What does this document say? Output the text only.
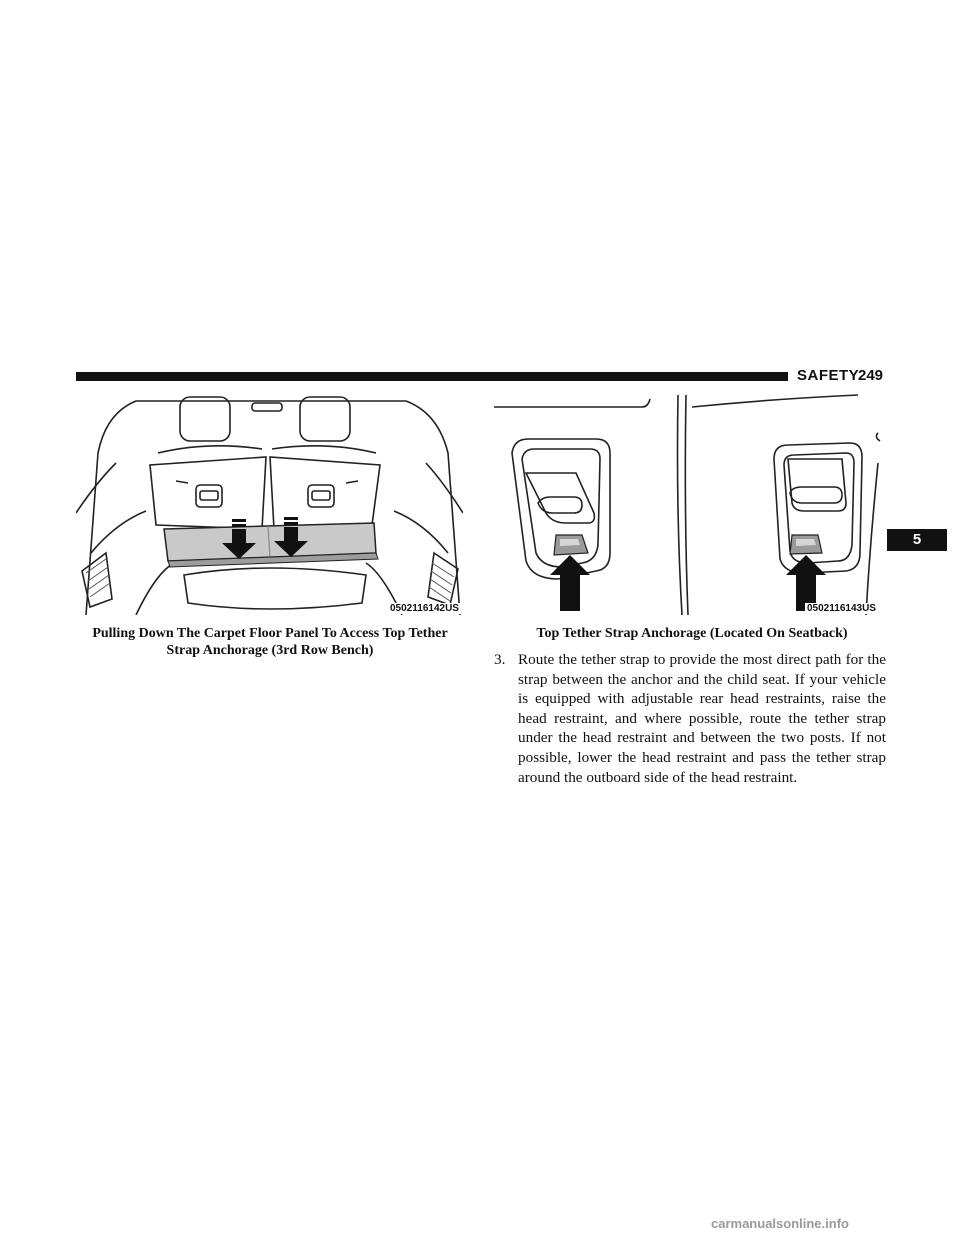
SAFETY
249
5
0502116142US	0502116143US
Pulling Down The Carpet Floor Panel To Access Top Tether Strap Anchorage (3rd Row Bench)
Top Tether Strap Anchorage (Located On Seatback)
3. Route the tether strap to provide the most direct path for the strap between the anchor and the child seat. If your vehicle is equipped with adjustable rear head restraints, raise the head restraint, and where possible, route the tether strap under the head restraint and between the two posts. If not possible, lower the head restraint and pass the tether strap around the outboard side of the head restraint.
carmanualsonline.info
